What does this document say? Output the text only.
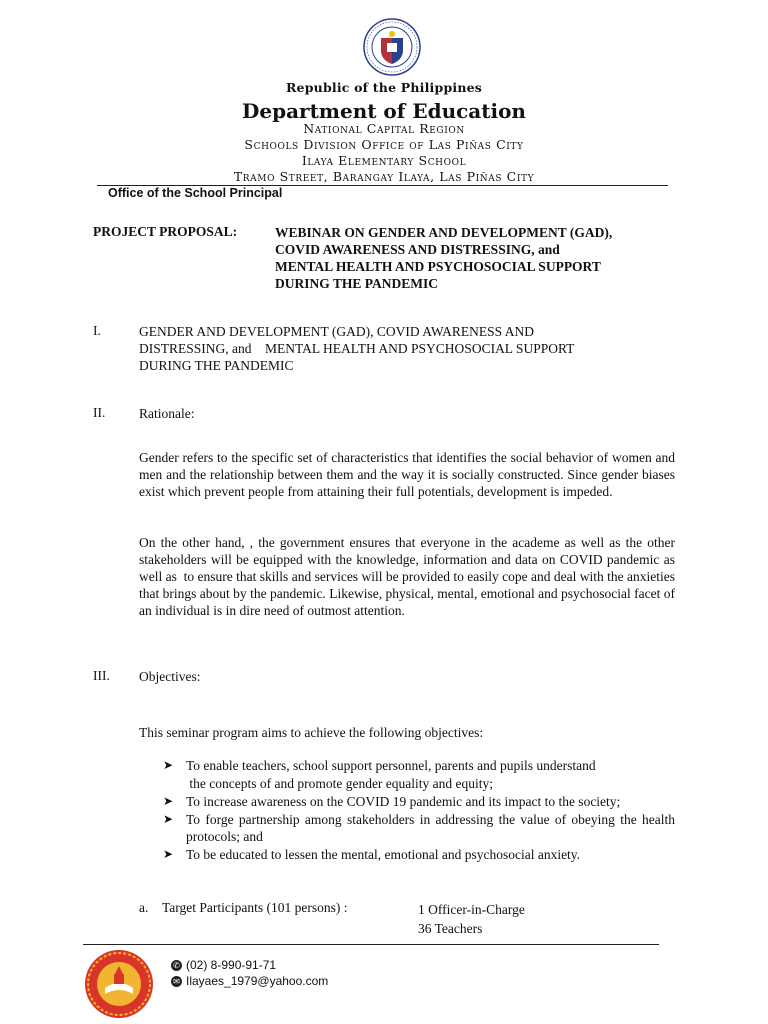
Republic of the Philippines
Department of Education
National Capital Region
Schools Division Office of Las Piñas City
Ilaya Elementary School
Tramo Street, Barangay Ilaya, Las Piñas City
Office of the School Principal
PROJECT PROPOSAL:	WEBINAR ON GENDER AND DEVELOPMENT (GAD),
COVID AWARENESS AND DISTRESSING, and
MENTAL HEALTH AND PSYCHOSOCIAL SUPPORT
DURING THE PANDEMIC
I.	GENDER AND DEVELOPMENT (GAD), COVID AWARENESS AND
DISTRESSING, and    MENTAL HEALTH AND PSYCHOSOCIAL SUPPORT
DURING THE PANDEMIC
II. Rationale:
Gender refers to the specific set of characteristics that identifies the social behavior of women and men and the relationship between them and the way it is socially constructed. Since gender biases exist which prevent people from attaining their full potentials, development is impeded.
On the other hand, , the government ensures that everyone in the academe as well as the other stakeholders will be equipped with the knowledge, information and data on COVID pandemic as well as  to ensure that skills and services will be provided to easily cope and deal with the anxieties that brings about by the pandemic. Likewise, physical, mental, emotional and psychosocial facet of an individual is in dire need of outmost attention.
III. Objectives:
This seminar program aims to achieve the following objectives:
➤ To enable teachers, school support personnel, parents and pupils understand
the concepts of and promote gender equality and equity;
➤ To increase awareness on the COVID 19 pandemic and its impact to the society;
➤ To forge partnership among stakeholders in addressing the value of obeying the health protocols; and
➤ To be educated to lessen the mental, emotional and psychosocial anxiety.
a. Target Participants (101 persons) :	1 Officer-in-Charge
36 Teachers
✆ (02) 8-990-91-71
✉ Ilayaes_1979@yahoo.com
